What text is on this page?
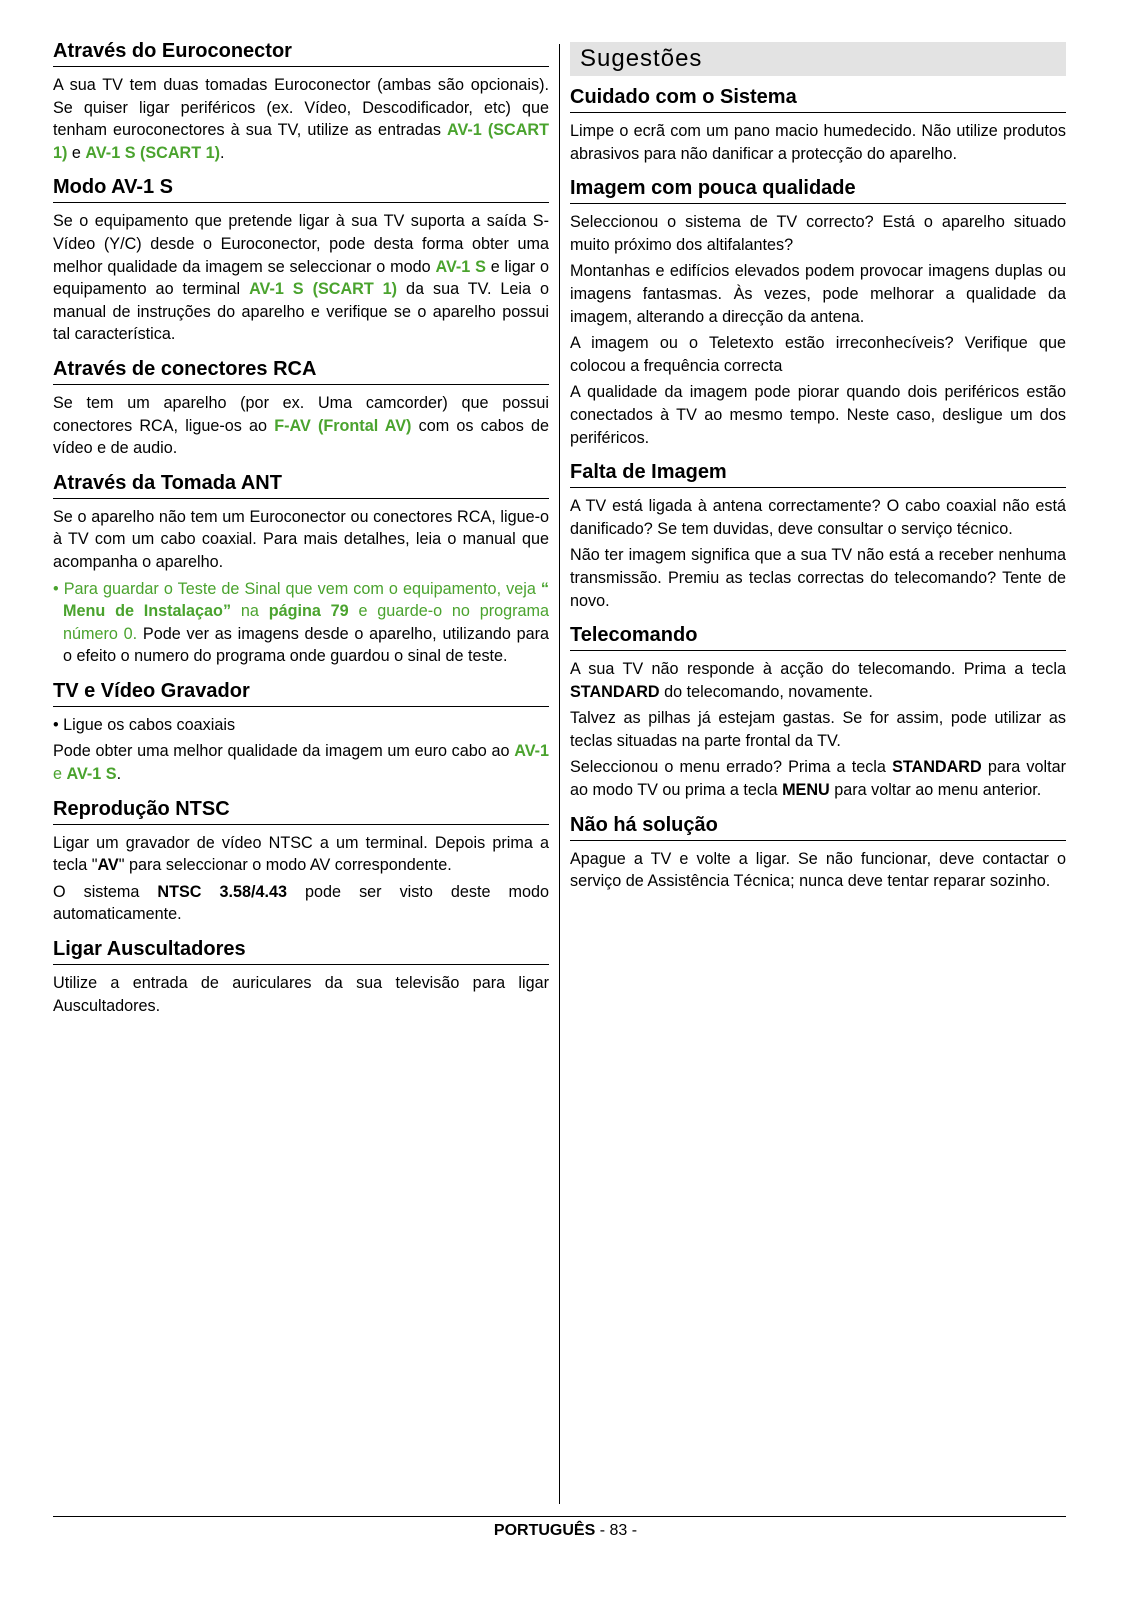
Através do Euroconector

A sua TV tem duas tomadas Euroconector (ambas são opcionais). Se quiser ligar periféricos (ex. Vídeo, Descodificador, etc) que tenham euroconectores à sua TV, utilize as entradas AV-1 (SCART 1) e AV-1 S (SCART 1).

Modo AV-1 S

Se o equipamento que pretende ligar à sua TV suporta a saída S-Vídeo (Y/C) desde o Euroconector, pode desta forma obter uma melhor qualidade da imagem se seleccionar o modo AV-1 S e ligar o equipamento ao terminal AV-1 S (SCART 1) da sua TV. Leia o manual de instruções do aparelho e verifique se o aparelho possui tal característica.

Através de conectores RCA

Se tem um aparelho (por ex. Uma camcorder) que possui conectores RCA, ligue-os ao F-AV (Frontal AV) com os cabos de vídeo e de audio.

Através da Tomada ANT

Se o aparelho não tem um Euroconector ou conectores RCA, ligue-o à TV com um cabo coaxial. Para mais detalhes, leia o manual que acompanha o aparelho.

• Para guardar o Teste de Sinal que vem com o equipamento, veja “ Menu de Instalaçao” na página 79 e guarde-o no programa número 0. Pode ver as imagens desde o aparelho, utilizando para o efeito o numero do programa onde guardou o sinal de teste.

TV e Vídeo Gravador

• Ligue os cabos coaxiais

Pode obter uma melhor qualidade da imagem um euro cabo ao AV-1 e AV-1 S.

Reprodução NTSC

Ligar um gravador de vídeo NTSC a um terminal. Depois prima a tecla "AV" para seleccionar o modo AV correspondente.

O sistema NTSC 3.58/4.43 pode ser visto deste modo automaticamente.

Ligar Auscultadores

Utilize a entrada de auriculares da sua televisão para ligar Auscultadores.

Sugestões
Cuidado com o Sistema

Limpe o ecrã com um pano macio humedecido. Não utilize produtos abrasivos para não danificar a protecção do aparelho.

Imagem com pouca qualidade

Seleccionou o sistema de TV correcto? Está o aparelho situado muito próximo dos altifalantes?

Montanhas e edifícios elevados podem provocar imagens duplas ou imagens fantasmas. Às vezes, pode melhorar a qualidade da imagem, alterando a direcção da antena.

A imagem ou o Teletexto estão irreconhecíveis? Verifique que colocou a frequência correcta

A qualidade da imagem pode piorar quando dois periféricos estão conectados à TV ao mesmo tempo. Neste caso, desligue um dos periféricos.

Falta de Imagem

A TV está ligada à antena correctamente? O cabo coaxial não está danificado? Se tem duvidas, deve consultar o serviço técnico.

Não ter imagem significa que a sua TV não está a receber nenhuma transmissão. Premiu as teclas correctas do telecomando? Tente de novo.

Telecomando

A sua TV não responde à acção do telecomando. Prima a tecla STANDARD do telecomando, novamente.

Talvez as pilhas já estejam gastas. Se for assim, pode utilizar as teclas situadas na parte frontal da TV.

Seleccionou o menu errado? Prima a tecla STANDARD para voltar ao modo TV ou prima a tecla MENU para voltar ao menu anterior.

Não há solução

Apague a TV e volte a ligar. Se não funcionar, deve contactar o serviço de Assistência Técnica; nunca deve tentar reparar sozinho.

PORTUGUÊS - 83 -
